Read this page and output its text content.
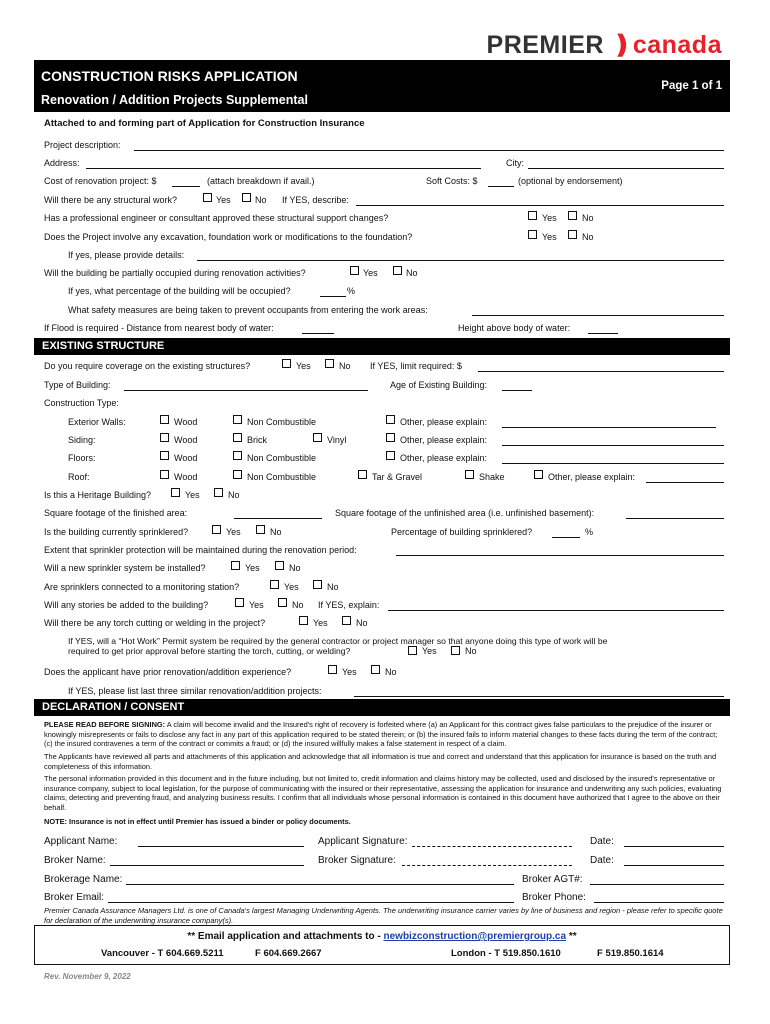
PREMIER ❫canada
CONSTRUCTION RISKS APPLICATION
Renovation / Addition Projects Supplemental
Page 1 of 1
Attached to and forming part of Application for Construction Insurance
Project description:
Address:	City:
Cost of renovation project: $	(attach breakdown if avail.)	Soft Costs: $	(optional by endorsement)
Will there be any structural work?	Yes	No If YES, describe:
Has a professional engineer or consultant approved these structural support changes?	Yes	No
Does the Project involve any excavation, foundation work or modifications to the foundation?	Yes	No
If yes, please provide details:
Will the building be partially occupied during renovation activities?	Yes	No
If yes, what percentage of the building will be occupied?	%
What safety measures are being taken to prevent occupants from entering the work areas:
If Flood is required - Distance from nearest body of water:	Height above body of water:
EXISTING STRUCTURE
Do you require coverage on the existing structures?	Yes	No If YES, limit required: $
Type of Building:	Age of Existing Building:
Construction Type:
Exterior Walls:	Wood	Non Combustible	Other, please explain:
Siding:	Wood	Brick	Vinyl	Other, please explain:
Floors:	Wood	Non Combustible	Other, please explain:
Roof:	Wood	Non Combustible	Tar & Gravel	Shake	Other, please explain:
Is this a Heritage Building?	Yes	No
Square footage of the finished area:	Square footage of the unfinished area (i.e. unfinished basement):
Is the building currently sprinklered?	Yes	No	Percentage of building sprinklered?	%
Extent that sprinkler protection will be maintained during the renovation period:
Will a new sprinkler system be installed?	Yes	No
Are sprinklers connected to a monitoring station?	Yes	No
Will any stories be added to the building?	Yes	No If YES, explain:
Will there be any torch cutting or welding in the project?	Yes	No
If YES, will a “Hot Work” Permit system be required by the general contractor or project manager so that anyone doing this type of work will be
required to get prior approval before starting the torch, cutting, or welding?	Yes	No
Does the applicant have prior renovation/addition experience?	Yes	No
If YES, please list last three similar renovation/addition projects:
DECLARATION / CONSENT

PLEASE READ BEFORE SIGNING: A claim will become invalid and the Insured's right of recovery is forfeited where (a) an Applicant for this contract gives false particulars to the prejudice of the insurer or knowingly misrepresents or fails to disclose any fact in any part of this application required to be stated therein; or (b) the insured fails to inform material changes to these facts during the term of the contract; (c) the insured contravenes a term of the contract or commits a fraud; or (d) the insured willfully makes a false statement in respect of a claim.

The Applicants have reviewed all parts and attachments of this application and acknowledge that all information is true and correct and understand that this application for insurance is based on the truth and completeness of this information.

The personal information provided in this document and in the future including, but not limited to, credit information and claims history may be collected, used and disclosed by the insured's representative or insurance company, subject to local legislation, for the purpose of communicating with the insured or their representative, assessing the application for insurance and underwriting any such policies, evaluating claims, detecting and preventing fraud, and analyzing business results. I confirm that all individuals whose personal information is contained in this document have authorized that I agree to the above on their behalf.

NOTE: Insurance is not in effect until Premier has issued a binder or policy documents.

Applicant Name:	Applicant Signature:	Date:
Broker Name:	Broker Signature:	Date:
Brokerage Name:	Broker AGT#:
Broker Email:	Broker Phone:
Premier Canada Assurance Managers Ltd. is one of Canada's largest Managing Underwriting Agents. The underwriting insurance carrier varies by line of business and region - please refer to specific quote for declaration of the underwriting insurance company(s).
** Email application and attachments to - newbizconstruction@premiergroup.ca **
Vancouver - T 604.669.5211	F 604.669.2667	London - T 519.850.1610	F 519.850.1614
Rev. November 9, 2022
